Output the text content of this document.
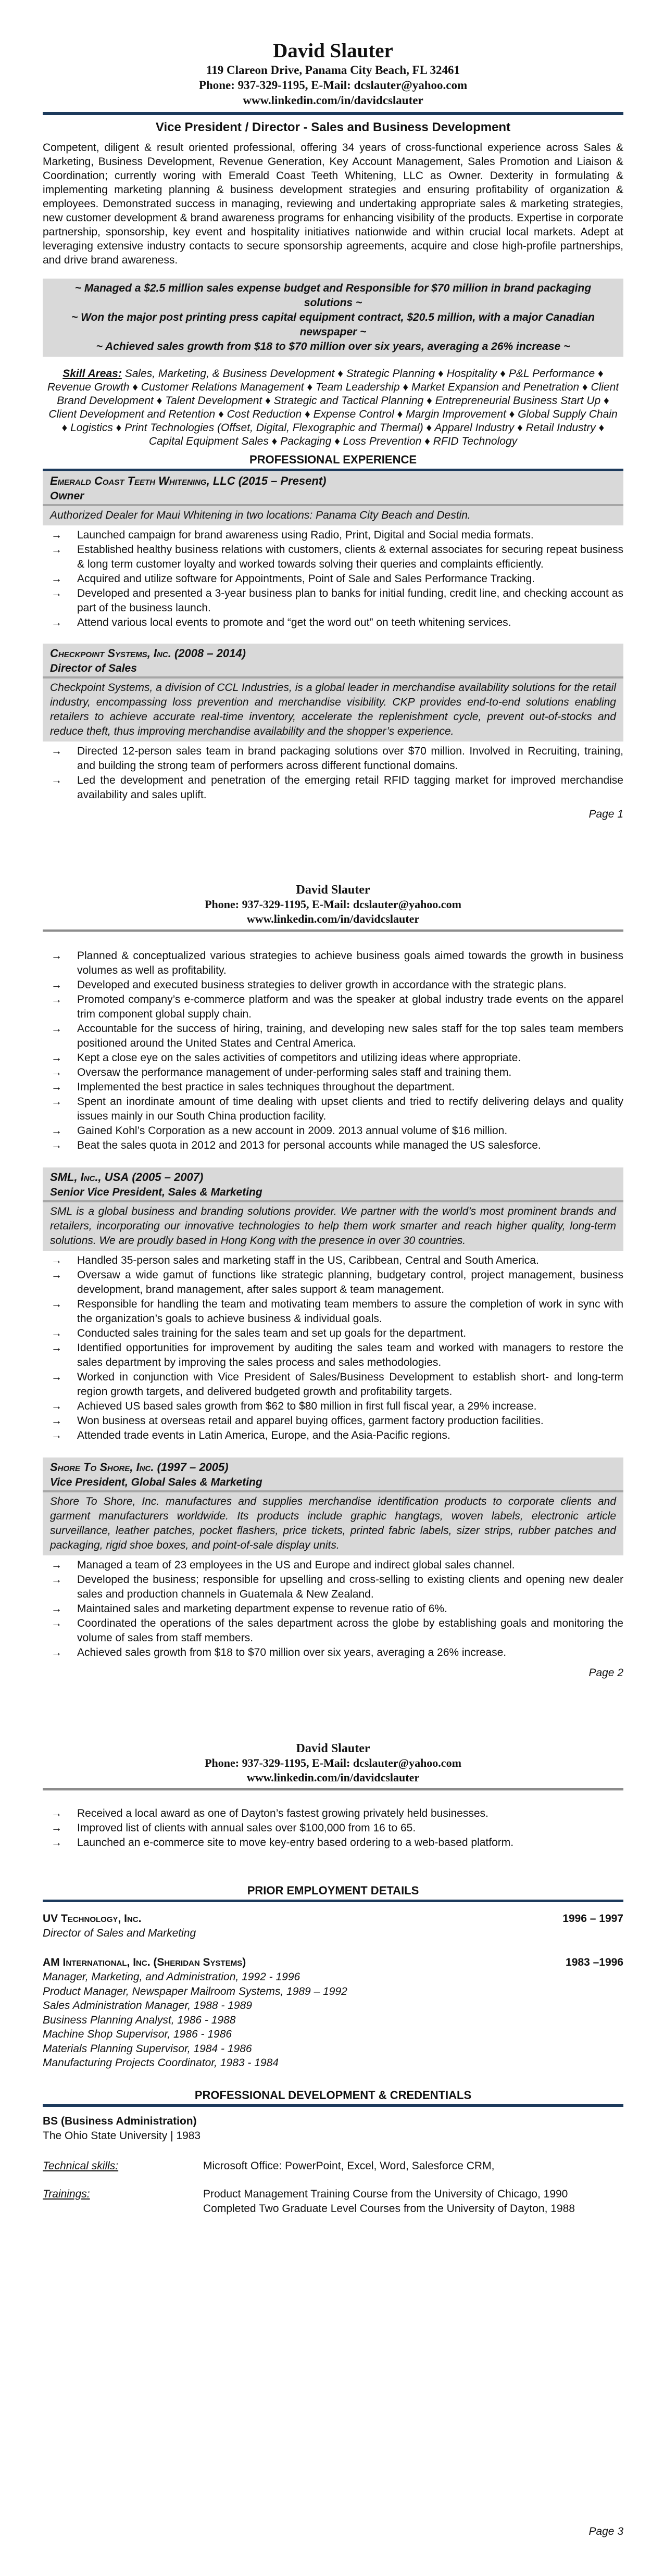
David Slauter
119 Clareon Drive, Panama City Beach, FL 32461
Phone: 937-329-1195, E-Mail: dcslauter@yahoo.com
www.linkedin.com/in/davidcslauter
Vice President / Director - Sales and Business Development

Competent, diligent & result oriented professional, offering 34 years of cross-functional experience across Sales & Marketing, Business Development, Revenue Generation, Key Account Management, Sales Promotion and Liaison & Coordination; currently woring with Emerald Coast Teeth Whitening, LLC as Owner. Dexterity in formulating & implementing marketing planning & business development strategies and ensuring profitability of organization & employees. Demonstrated success in managing, reviewing and undertaking appropriate sales & marketing strategies, new customer development & brand awareness programs for enhancing visibility of the products. Expertise in corporate partnership, sponsorship, key event and hospitality initiatives nationwide and within crucial local markets. Adept at leveraging extensive industry contacts to secure sponsorship agreements, acquire and close high-profile partnerships, and drive brand awareness.

~ Managed a $2.5 million sales expense budget and Responsible for $70 million in brand packaging solutions ~
~ Won the major post printing press capital equipment contract, $20.5 million, with a major Canadian newspaper ~
~ Achieved sales growth from $18 to $70 million over six years, averaging a 26% increase ~

Skill Areas: Sales, Marketing, & Business Development ♦ Strategic Planning ♦ Hospitality ♦ P&L Performance ♦ Revenue Growth ♦ Customer Relations Management ♦ Team Leadership ♦ Market Expansion and Penetration ♦ Client Brand Development ♦ Talent Development ♦ Strategic and Tactical Planning ♦ Entrepreneurial Business Start Up ♦ Client Development and Retention ♦ Cost Reduction ♦ Expense Control ♦ Margin Improvement ♦ Global Supply Chain ♦ Logistics ♦ Print Technologies (Offset, Digital, Flexographic and Thermal) ♦ Apparel Industry ♦ Retail Industry ♦ Capital Equipment Sales ♦ Packaging ♦ Loss Prevention ♦ RFID Technology

PROFESSIONAL EXPERIENCE
Emerald Coast Teeth Whitening, LLC (2015 – Present)
Owner
Authorized Dealer for Maui Whitening in two locations: Panama City Beach and Destin.
→ Launched campaign for brand awareness using Radio, Print, Digital and Social media formats.
→ Established healthy business relations with customers, clients & external associates for securing repeat business & long term customer loyalty and worked towards solving their queries and complaints efficiently.
→ Acquired and utilize software for Appointments, Point of Sale and Sales Performance Tracking.
→ Developed and presented a 3-year business plan to banks for initial funding, credit line, and checking account as part of the business launch.
→ Attend various local events to promote and “get the word out” on teeth whitening services.
Checkpoint Systems, Inc. (2008 – 2014)
Director of Sales
Checkpoint Systems, a division of CCL Industries, is a global leader in merchandise availability solutions for the retail industry, encompassing loss prevention and merchandise visibility. CKP provides end-to-end solutions enabling retailers to achieve accurate real-time inventory, accelerate the replenishment cycle, prevent out-of-stocks and reduce theft, thus improving merchandise availability and the shopper’s experience.
→ Directed 12-person sales team in brand packaging solutions over $70 million. Involved in Recruiting, training, and building the strong team of performers across different functional domains.
→ Led the development and penetration of the emerging retail RFID tagging market for improved merchandise availability and sales uplift.
Page 1
David Slauter
Phone: 937-329-1195, E-Mail: dcslauter@yahoo.com
www.linkedin.com/in/davidcslauter
→ Planned & conceptualized various strategies to achieve business goals aimed towards the growth in business volumes as well as profitability.
→ Developed and executed business strategies to deliver growth in accordance with the strategic plans.
→ Promoted company’s e-commerce platform and was the speaker at global industry trade events on the apparel trim component global supply chain.
→ Accountable for the success of hiring, training, and developing new sales staff for the top sales team members positioned around the United States and Central America.
→ Kept a close eye on the sales activities of competitors and utilizing ideas where appropriate.
→ Oversaw the performance management of under-performing sales staff and training them.
→ Implemented the best practice in sales techniques throughout the department.
→ Spent an inordinate amount of time dealing with upset clients and tried to rectify delivering delays and quality issues mainly in our South China production facility.
→ Gained Kohl’s Corporation as a new account in 2009. 2013 annual volume of $16 million.
→ Beat the sales quota in 2012 and 2013 for personal accounts while managed the US salesforce.
SML, Inc., USA (2005 – 2007)
Senior Vice President, Sales & Marketing
SML is a global business and branding solutions provider. We partner with the world’s most prominent brands and retailers, incorporating our innovative technologies to help them work smarter and reach higher quality, long-term solutions. We are proudly based in Hong Kong with the presence in over 30 countries.
→ Handled 35-person sales and marketing staff in the US, Caribbean, Central and South America.
→ Oversaw a wide gamut of functions like strategic planning, budgetary control, project management, business development, brand management, after sales support & team management.
→ Responsible for handling the team and motivating team members to assure the completion of work in sync with the organization’s goals to achieve business & individual goals.
→ Conducted sales training for the sales team and set up goals for the department.
→ Identified opportunities for improvement by auditing the sales team and worked with managers to restore the sales department by improving the sales process and sales methodologies.
→ Worked in conjunction with Vice President of Sales/Business Development to establish short- and long-term region growth targets, and delivered budgeted growth and profitability targets.
→ Achieved US based sales growth from $62 to $80 million in first full fiscal year, a 29% increase.
→ Won business at overseas retail and apparel buying offices, garment factory production facilities.
→ Attended trade events in Latin America, Europe, and the Asia-Pacific regions.
Shore To Shore, Inc. (1997 – 2005)
Vice President, Global Sales & Marketing
Shore To Shore, Inc. manufactures and supplies merchandise identification products to corporate clients and garment manufacturers worldwide. Its products include graphic hangtags, woven labels, electronic article surveillance, leather patches, pocket flashers, price tickets, printed fabric labels, sizer strips, rubber patches and packaging, rigid shoe boxes, and point-of-sale display units.
→ Managed a team of 23 employees in the US and Europe and indirect global sales channel.
→ Developed the business; responsible for upselling and cross-selling to existing clients and opening new dealer sales and production channels in Guatemala & New Zealand.
→ Maintained sales and marketing department expense to revenue ratio of 6%.
→ Coordinated the operations of the sales department across the globe by establishing goals and monitoring the volume of sales from staff members.
→ Achieved sales growth from $18 to $70 million over six years, averaging a 26% increase.
Page 2
David Slauter
Phone: 937-329-1195, E-Mail: dcslauter@yahoo.com
www.linkedin.com/in/davidcslauter
→ Received a local award as one of Dayton’s fastest growing privately held businesses.
→ Improved list of clients with annual sales over $100,000 from 16 to 65.
→ Launched an e-commerce site to move key-entry based ordering to a web-based platform.
PRIOR EMPLOYMENT DETAILS
UV Technology, Inc.	1996 – 1997
Director of Sales and Marketing
AM International, Inc. (Sheridan Systems)	1983 –1996
Manager, Marketing, and Administration, 1992 - 1996
Product Manager, Newspaper Mailroom Systems, 1989 – 1992
Sales Administration Manager, 1988 - 1989
Business Planning Analyst, 1986 - 1988
Machine Shop Supervisor, 1986 - 1986
Materials Planning Supervisor, 1984 - 1986
Manufacturing Projects Coordinator, 1983 - 1984
PROFESSIONAL DEVELOPMENT & CREDENTIALS
BS (Business Administration)
The Ohio State University | 1983
Technical skills:	Microsoft Office: PowerPoint, Excel, Word, Salesforce CRM,
Trainings:	Product Management Training Course from the University of Chicago, 1990
Completed Two Graduate Level Courses from the University of Dayton, 1988
Page 3
